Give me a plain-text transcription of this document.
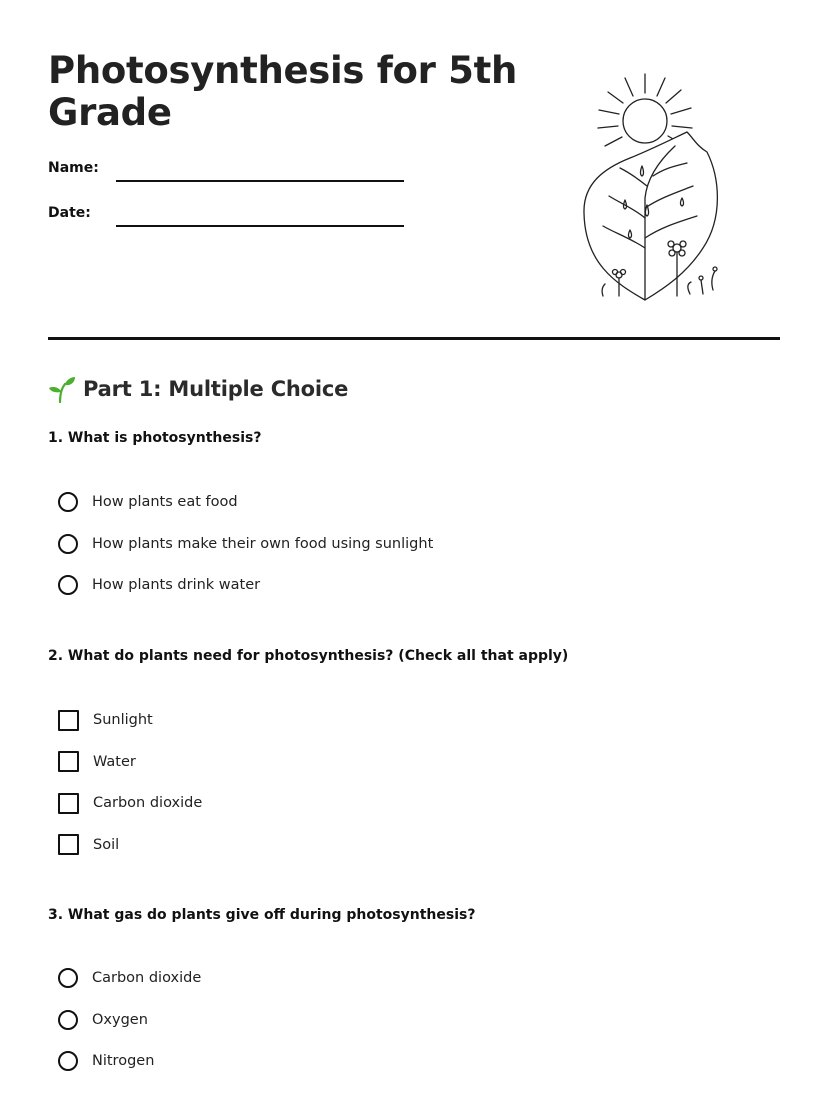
Photosynthesis for 5th Grade
Name:
Date:
Part 1: Multiple Choice

1. What is photosynthesis?

How plants eat food
How plants make their own food using sunlight
How plants drink water

2. What do plants need for photosynthesis? (Check all that apply)

Sunlight
Water
Carbon dioxide
Soil

3. What gas do plants give off during photosynthesis?

Carbon dioxide
Oxygen
Nitrogen
